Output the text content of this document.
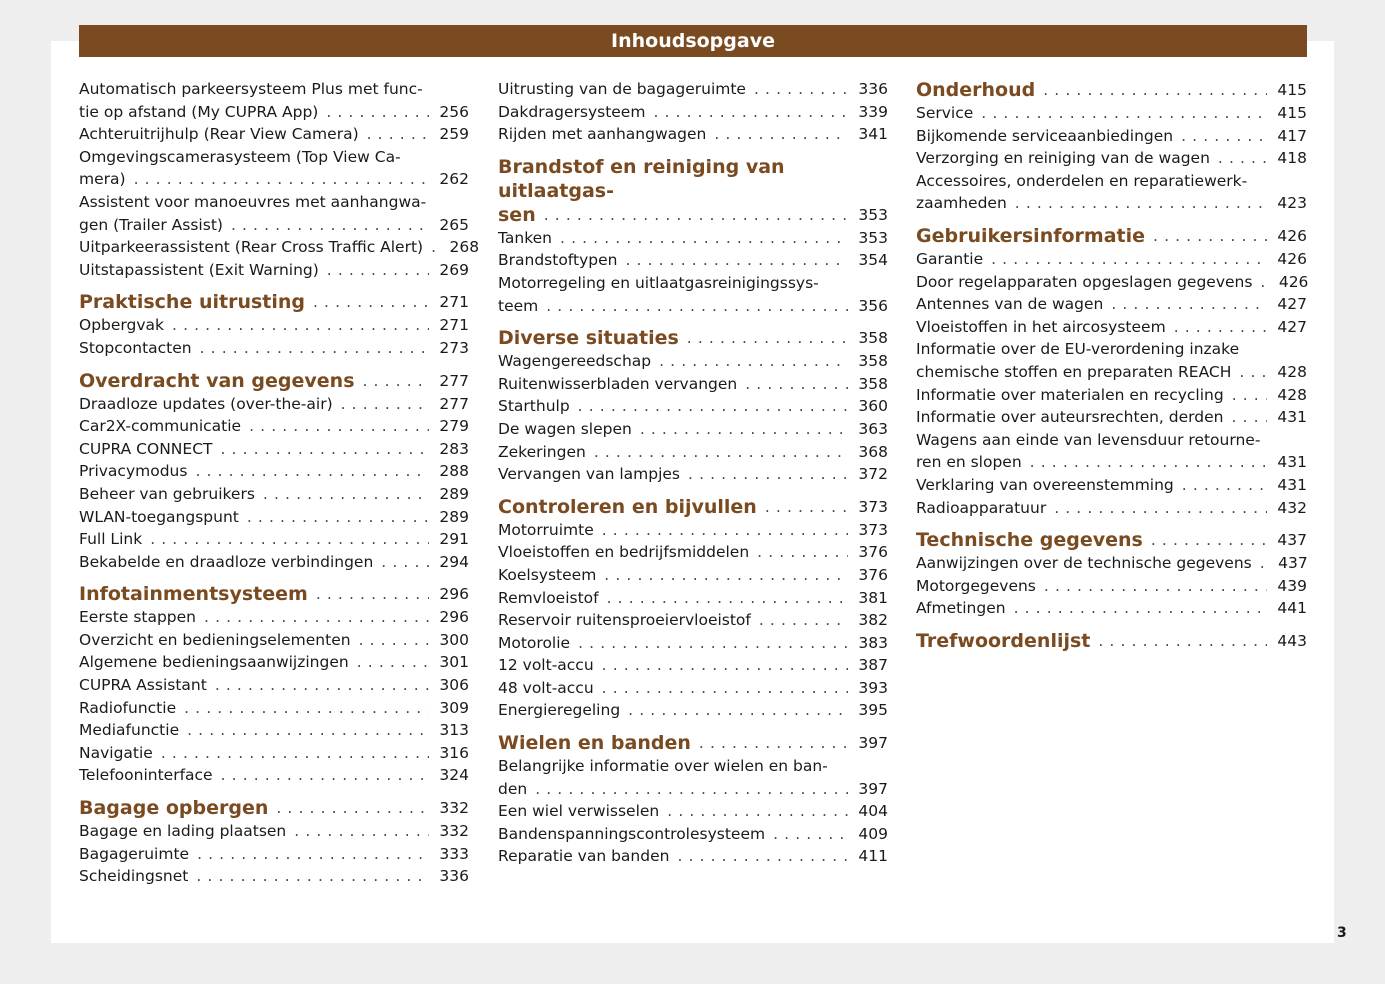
Inhoudsopgave
Automatisch parkeersysteem Plus met func-
tie op afstand (My CUPRA App) . . .	256
Achteruitrijhulp (Rear View Camera) . . .	259
Omgevingscamerasysteem (Top View Ca-
mera) . . .	262
Assistent voor manoeuvres met aanhangwa-
gen (Trailer Assist) . . .	265
Uitparkeerassistent (Rear Cross Traffic Alert) . . .	268
Uitstapassistent (Exit Warning) . . .	269
Praktische uitrusting . . .	271
Opbergvak . . .	271
Stopcontacten . . .	273
Overdracht van gegevens . . .	277
Draadloze updates (over-the-air) . . .	277
Car2X-communicatie . . .	279
CUPRA CONNECT . . .	283
Privacymodus . . .	288
Beheer van gebruikers . . .	289
WLAN-toegangspunt . . .	289
Full Link . . .	291
Bekabelde en draadloze verbindingen . . .	294
Infotainmentsysteem . . .	296
Eerste stappen . . .	296
Overzicht en bedieningselementen . . .	300
Algemene bedieningsaanwijzingen . . .	301
CUPRA Assistant . . .	306
Radiofunctie . . .	309
Mediafunctie . . .	313
Navigatie . . .	316
Telefooninterface . . .	324
Bagage opbergen . . .	332
Bagage en lading plaatsen . . .	332
Bagageruimte . . .	333
Scheidingsnet . . .	336
Uitrusting van de bagageruimte . . .	336
Dakdragersysteem . . .	339
Rijden met aanhangwagen . . .	341
Brandstof en reiniging van uitlaatgas-
sen . . .	353
Tanken . . .	353
Brandstoftypen . . .	354
Motorregeling en uitlaatgasreinigingssys-
teem . . .	356
Diverse situaties . . .	358
Wagengereedschap . . .	358
Ruitenwisserbladen vervangen . . .	358
Starthulp . . .	360
De wagen slepen . . .	363
Zekeringen . . .	368
Vervangen van lampjes . . .	372
Controleren en bijvullen . . .	373
Motorruimte . . .	373
Vloeistoffen en bedrijfsmiddelen . . .	376
Koelsysteem . . .	376
Remvloeistof . . .	381
Reservoir ruitensproeiervloeistof . . .	382
Motorolie . . .	383
12 volt-accu . . .	387
48 volt-accu . . .	393
Energieregeling . . .	395
Wielen en banden . . .	397
Belangrijke informatie over wielen en ban-
den . . .	397
Een wiel verwisselen . . .	404
Bandenspanningscontrolesysteem . . .	409
Reparatie van banden . . .	411
Onderhoud . . .	415
Service . . .	415
Bijkomende serviceaanbiedingen . . .	417
Verzorging en reiniging van de wagen . . .	418
Accessoires, onderdelen en reparatiewerk-
zaamheden . . .	423
Gebruikersinformatie . . .	426
Garantie . . .	426
Door regelapparaten opgeslagen gegevens . . .	426
Antennes van de wagen . . .	427
Vloeistoffen in het aircosysteem . . .	427
Informatie over de EU-verordening inzake
chemische stoffen en preparaten REACH . . .	428
Informatie over materialen en recycling . . .	428
Informatie over auteursrechten, derden . . .	431
Wagens aan einde van levensduur retourne-
ren en slopen . . .	431
Verklaring van overeenstemming . . .	431
Radioapparatuur . . .	432
Technische gegevens . . .	437
Aanwijzingen over de technische gegevens . . .	437
Motorgegevens . . .	439
Afmetingen . . .	441
Trefwoordenlijst . . .	443
3
